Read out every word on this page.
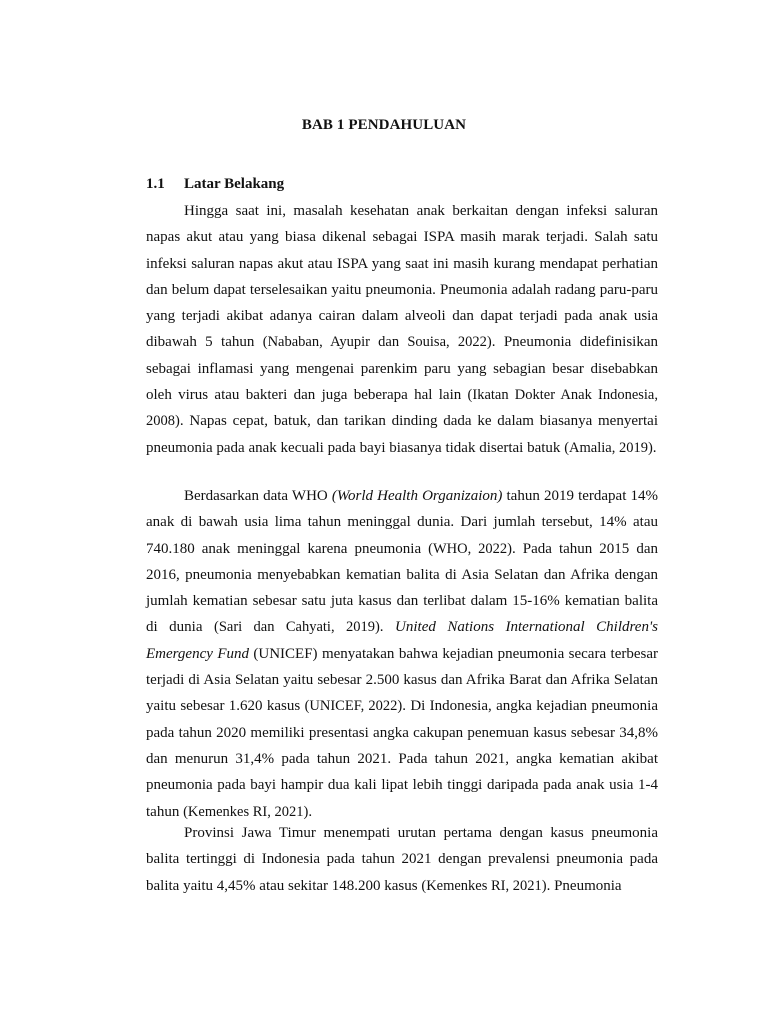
BAB 1 PENDAHULUAN
1.1 Latar Belakang

Hingga saat ini, masalah kesehatan anak berkaitan dengan infeksi saluran napas akut atau yang biasa dikenal sebagai ISPA masih marak terjadi. Salah satu infeksi saluran napas akut atau ISPA yang saat ini masih kurang mendapat perhatian dan belum dapat terselesaikan yaitu pneumonia. Pneumonia adalah radang paru-paru yang terjadi akibat adanya cairan dalam alveoli dan dapat terjadi pada anak usia dibawah 5 tahun (Nababan, Ayupir dan Souisa, 2022). Pneumonia didefinisikan sebagai inflamasi yang mengenai parenkim paru yang sebagian besar disebabkan oleh virus atau bakteri dan juga beberapa hal lain (Ikatan Dokter Anak Indonesia, 2008). Napas cepat, batuk, dan tarikan dinding dada ke dalam biasanya menyertai pneumonia pada anak kecuali pada bayi biasanya tidak disertai batuk (Amalia, 2019).

Berdasarkan data WHO (World Health Organizaion) tahun 2019 terdapat 14% anak di bawah usia lima tahun meninggal dunia. Dari jumlah tersebut, 14% atau 740.180 anak meninggal karena pneumonia (WHO, 2022). Pada tahun 2015 dan 2016, pneumonia menyebabkan kematian balita di Asia Selatan dan Afrika dengan jumlah kematian sebesar satu juta kasus dan terlibat dalam 15-16% kematian balita di dunia (Sari dan Cahyati, 2019). United Nations International Children's Emergency Fund (UNICEF) menyatakan bahwa kejadian pneumonia secara terbesar terjadi di Asia Selatan yaitu sebesar 2.500 kasus dan Afrika Barat dan Afrika Selatan yaitu sebesar 1.620 kasus (UNICEF, 2022). Di Indonesia, angka kejadian pneumonia pada tahun 2020 memiliki presentasi angka cakupan penemuan kasus sebesar 34,8% dan menurun 31,4% pada tahun 2021. Pada tahun 2021, angka kematian akibat pneumonia pada bayi hampir dua kali lipat lebih tinggi daripada pada anak usia 1-4 tahun (Kemenkes RI, 2021).

Provinsi Jawa Timur menempati urutan pertama dengan kasus pneumonia balita tertinggi di Indonesia pada tahun 2021 dengan prevalensi pneumonia pada balita yaitu 4,45% atau sekitar 148.200 kasus (Kemenkes RI, 2021). Pneumonia
